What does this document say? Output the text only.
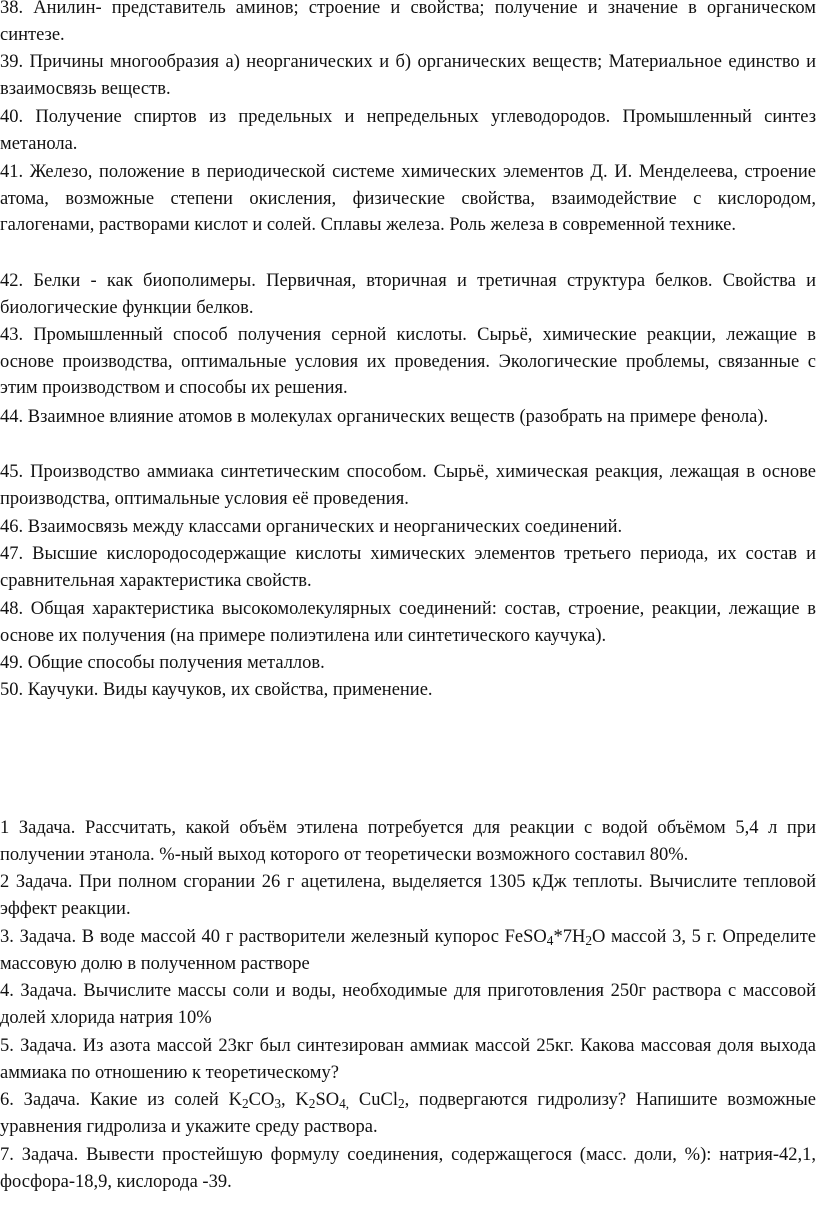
38. Анилин- представитель аминов; строение и свойства; получение и значение в органическом синтезе.

39. Причины многообразия а) неорганических и б) органических веществ; Материальное единство и взаимосвязь веществ.

40. Получение спиртов из предельных и непредельных углеводородов. Промышленный синтез метанола.

41. Железо, положение в периодической системе химических элементов Д. И. Менделеева, строение атома, возможные степени окисления, физические свойства, взаимодействие с кислородом, галогенами, растворами кислот и солей. Сплавы железа. Роль железа в современной технике.

42. Белки - как биополимеры. Первичная, вторичная и третичная структура белков. Свойства и биологические функции белков.

43. Промышленный способ получения серной кислоты. Сырьё, химические реакции, лежащие в основе производства, оптимальные условия их проведения. Экологические проблемы, связанные с этим производством и способы их решения.

44. Взаимное влияние атомов в молекулах органических веществ (разобрать на примере фенола).

45. Производство аммиака синтетическим способом. Сырьё, химическая реакция, лежащая в основе производства, оптимальные условия её проведения.

46. Взаимосвязь между классами органических и неорганических соединений.

47. Высшие кислородосодержащие кислоты химических элементов третьего периода, их состав и сравнительная характеристика свойств.

48. Общая характеристика высокомолекулярных соединений: состав, строение, реакции, лежащие в основе их получения (на примере полиэтилена или синтетического каучука).

49. Общие способы получения металлов.

50. Каучуки. Виды каучуков, их свойства, применение.

1 Задача. Рассчитать, какой объём этилена потребуется для реакции с водой объёмом 5,4 л при получении этанола. %-ный выход которого от теоретически возможного составил 80%.

2 Задача. При полном сгорании 26 г ацетилена, выделяется 1305 кДж теплоты. Вычислите тепловой эффект реакции.

3. Задача. В воде массой 40 г растворители железный купорос $FeSO_4*7H_2O$ массой 3, 5 г. Определите массовую долю в полученном растворе

4. Задача. Вычислите массы соли и воды, необходимые для приготовления 250г раствора с массовой долей хлорида натрия 10%

5. Задача. Из азота массой 23кг был синтезирован аммиак массой 25кг. Какова массовая доля выхода аммиака по отношению к теоретическому?

6. Задача. Какие из солей $K_2CO_3$, $K_2SO_{4,}$ CuCl$_2$, подвергаются гидролизу? Напишите возможные уравнения гидролиза и укажите среду раствора.

7. Задача. Вывести простейшую формулу соединения, содержащегося (масс. доли, %): натрия-42,1, фосфора-18,9, кислорода -39.
